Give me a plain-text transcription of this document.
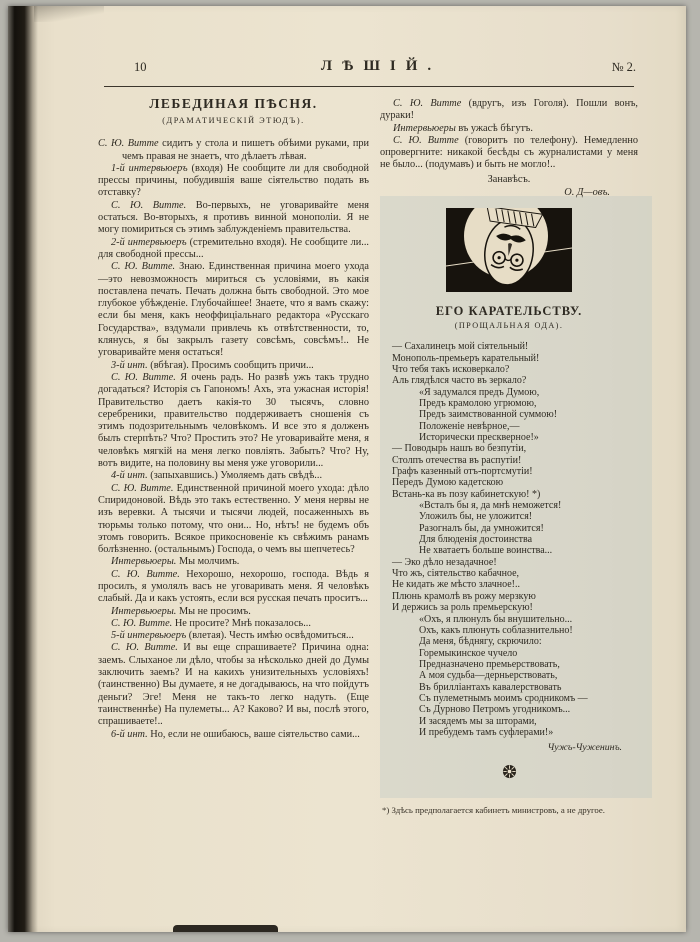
10	ЛѢШІЙ.	№ 2.
ЛЕБЕДИНАЯ ПѢСНЯ.
(ДРАМАТИЧЕСКІЙ ЭТЮДЪ).

С. Ю. Витте сидитъ у стола и пишетъ обѣими руками, при чемъ правая не знаетъ, что дѣлаетъ лѣвая.

1-й интервьюеръ (входя) Не сообщите ли для свободной прессы причины, побудившія ваше сіятельство подать въ отставку?

С. Ю. Витте. Во-первыхъ, не уговаривайте меня остаться. Во-вторыхъ, я противъ винной монополіи. Я не могу помириться съ этимъ заблужденіемъ правительства.

2-й интервьюеръ (стремительно входя). Не сообщите ли... для свободной прессы...

С. Ю. Витте. Знаю. Единственная причина моего ухода—это невозможность мириться съ условіями, въ какія поставлена печать. Печать должна быть свободной. Это мое глубокое убѣжденіе. Глубочайшее! Знаете, что я вамъ скажу: если бы меня, какъ неоффиціальнаго редактора «Русскаго Государства», вздумали привлечь къ отвѣтственности, то, клянусь, я бы закрылъ газету совсѣмъ, совсѣмъ!.. Не уговаривайте меня остаться!

3-й инт. (вбѣгая). Просимъ сообщить причи...

С. Ю. Витте. Я очень радъ. Но развѣ ужъ такъ трудно догадаться? Исторія съ Гапономъ! Ахъ, эта ужасная исторія! Правительство даетъ какія-то 30 тысячъ, словно серебреники, правительство поддерживаетъ сношенія съ этимъ подозрительнымъ человѣкомъ. И все это я долженъ былъ стерпѣть? Что? Простить это? Не уговаривайте меня, я человѣкъ мягкій на меня легко повліять. Забыть? Что? Ну, вотъ видите, на половину вы меня уже уговорили...

4-й инт. (запыхавшись.) Умоляемъ дать свѣдѣ...

С. Ю. Витте. Единственной причиной моего ухода: дѣло Спиридоновой. Вѣдь это такъ естественно. У меня нервы не изъ веревки. А тысячи и тысячи людей, посаженныхъ въ тюрьмы только потому, что они... Но, нѣтъ! не будемъ объ этомъ говорить. Всякое прикосновеніе къ свѣжимъ ранамъ болѣзненно. (остальнымъ) Господа, о чемъ вы шепчетесь?

Интервьюеры. Мы молчимъ.

С. Ю. Витте. Нехорошо, нехорошо, господа. Вѣдь я просилъ, я умолялъ васъ не уговаривать меня. Я человѣкъ слабый. Да и какъ устоять, если вся русская печать проситъ...

Интервьюеры. Мы не просимъ.

С. Ю. Витте. Не просите? Мнѣ показалось...

5-й интервьюеръ (влетая). Честь имѣю освѣдомиться...

С. Ю. Витте. И вы еще спрашиваете? Причина одна: заемъ. Слыханое ли дѣло, чтобы за нѣсколько дней до Думы заключить заемъ? И на какихъ унизительныхъ условіяхъ! (таинственно) Вы думаете, я не догадываюсь, на что пойдутъ деньги? Эге! Меня не такъ-то легко надуть. (Еще таинственнѣе) На пулеметы... А? Каково? И вы, послѣ этого, спрашиваете!..

6-й инт. Но, если не ошибаюсь, ваше сіятельство сами...

С. Ю. Витте (вдругъ, изъ Гоголя). Пошли вонъ, дураки!

Интервьюеры въ ужасѣ бѣгутъ.

С. Ю. Витте (говоритъ по телефону). Немедленно опровергните: никакой бесѣды съ журналистами у меня не было... (подумавъ) и быть не могло!..

Занавѣсъ.
О. Д—овъ.
ЕГО КАРАТЕЛЬСТВУ.
(ПРОЩАЛЬНАЯ ОДА).
— Сахалинецъ мой сіятельный!
Монополь-премьеръ карательный!
Что тебя такъ исковеркало?
Аль глядѣлся часто въ зеркало?
«Я задумался предъ Думою,
Предъ крамолою угрюмою,
Предъ заимствованной суммою!
Положеніе невѣрное,—
Исторически прескверное!»
— Поводырь нашъ во безпутіи,
Столпъ отечества въ распутіи!
Графъ казенный отъ-портсмутіи!
Передъ Думою кадетскою
Встань-ка въ позу кабинетскую! *)
«Всталъ бы я, да мнѣ неможется!
Уложилъ бы, не уложится!
Разогналъ бы, да умножится!
Для блюденія достоинства
Не хватаетъ больше воинства...
— Эко дѣло незадачное!
Что жъ, сіятельство кабачное,
Не кидать же мѣсто злачное!..
Плюнь крамолѣ въ рожу мерзкую
И держись за роль премьерскую!
«Охъ, я плюнулъ бы внушительно...
Охъ, какъ плюнуть соблазнительно!
Да меня, бѣднягу, скрючило:
Горемыкинское чучело
Предназначено премьерствовать,
А моя судьба—дерньерствовать,
Въ брилліантахъ кавалерствовать
Съ пулеметнымъ моимъ сродникомъ —
Съ Дурново Петромъ угодникомъ...
И засядемъ мы за шторами,
И пребудемъ тамъ суфлерами!»
Чужъ-Чуженинъ.
*) Здѣсь предполагается кабинетъ министровъ, а не другое.
